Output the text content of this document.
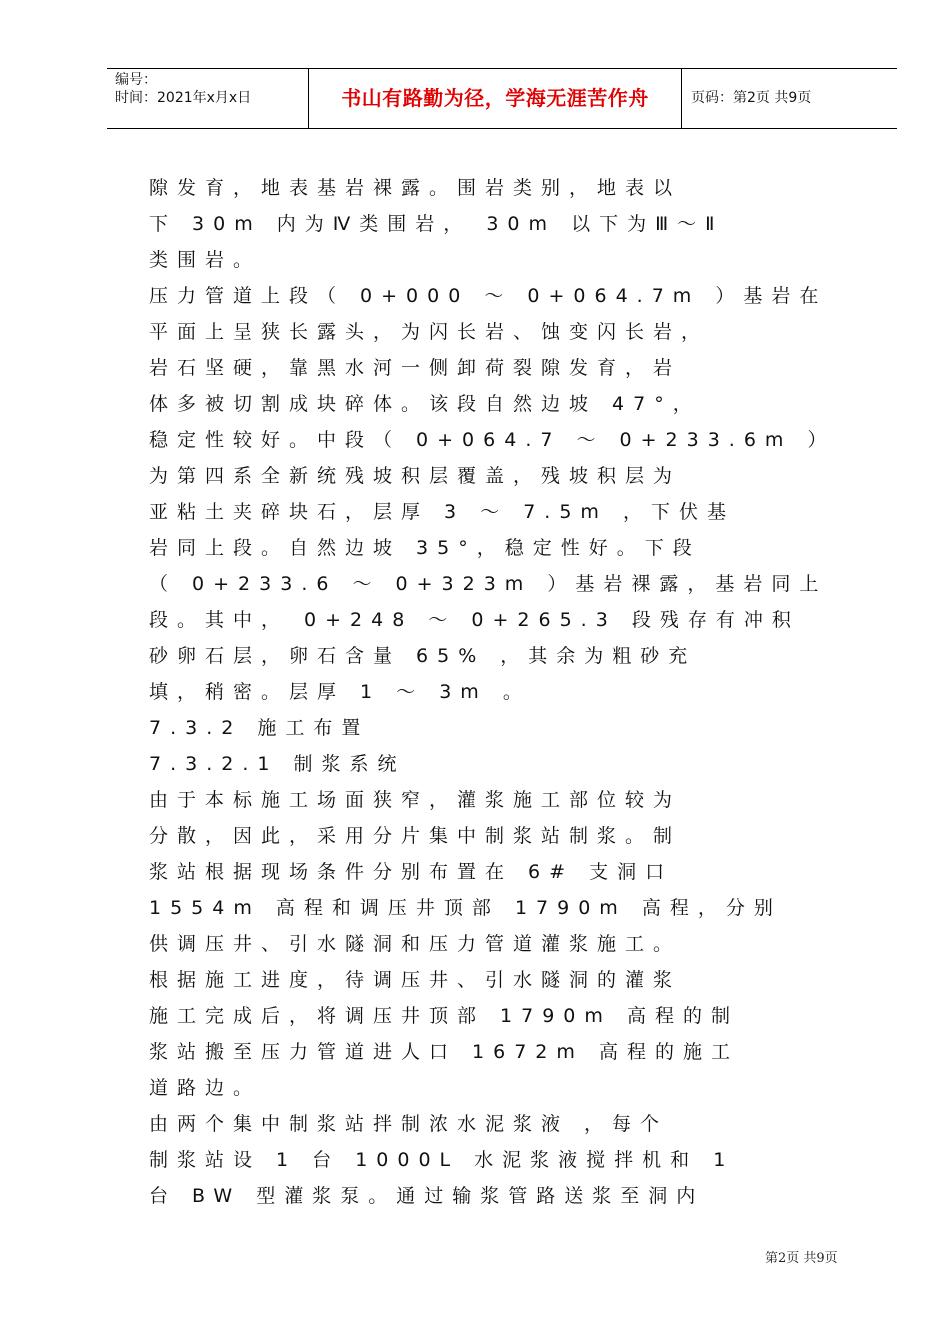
编号：
时间：2021年x月x日	书山有路勤为径，学海无涯苦作舟	页码：第2页 共9页
隙发育，地表基岩裸露。围岩类别，地表以
下 30m 内为Ⅳ类围岩， 30m 以下为Ⅲ～Ⅱ
类围岩。
压力管道上段（ 0+000 ～ 0+064.7m ）基岩在
平面上呈狭长露头，为闪长岩、蚀变闪长岩，
岩石坚硬，靠黑水河一侧卸荷裂隙发育，岩
体多被切割成块碎体。该段自然边坡 47°，
稳定性较好。中段（ 0+064.7 ～ 0+233.6m ）
为第四系全新统残坡积层覆盖，残坡积层为
亚粘土夹碎块石，层厚 3 ～ 7.5m ，下伏基
岩同上段。自然边坡 35°，稳定性好。下段
（ 0+233.6 ～ 0+323m ）基岩裸露，基岩同上
段。其中， 0+248 ～ 0+265.3 段残存有冲积
砂卵石层，卵石含量 65% ，其余为粗砂充
填，稍密。层厚 1 ～ 3m 。
7.3.2 施工布置
7.3.2.1 制浆系统
由于本标施工场面狭窄，灌浆施工部位较为
分散，因此，采用分片集中制浆站制浆。制
浆站根据现场条件分别布置在 6# 支洞口
1554m 高程和调压井顶部 1790m 高程，分别
供调压井、引水隧洞和压力管道灌浆施工。
根据施工进度，待调压井、引水隧洞的灌浆
施工完成后，将调压井顶部 1790m 高程的制
浆站搬至压力管道进人口 1672m 高程的施工
道路边。
由两个集中制浆站拌制浓水泥浆液 ，每个
制浆站设 1 台 1000L 水泥浆液搅拌机和 1
台 BW 型灌浆泵。通过输浆管路送浆至洞内
第2页 共9页
